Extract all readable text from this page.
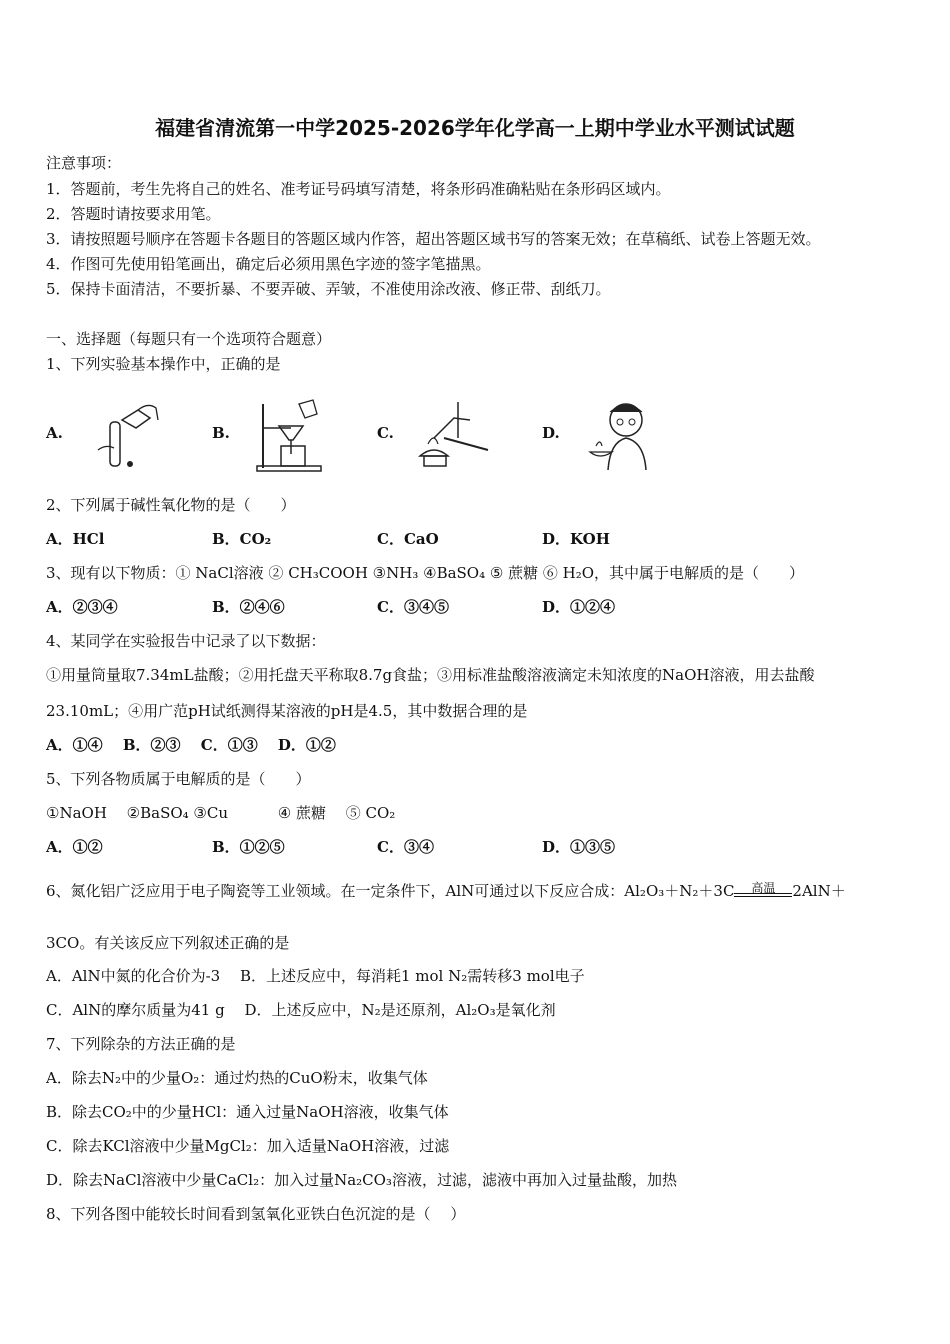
福建省清流第一中学2025-2026学年化学高一上期中学业水平测试试题
注意事项：
1．答题前，考生先将自己的姓名、准考证号码填写清楚，将条形码准确粘贴在条形码区域内。
2．答题时请按要求用笔。
3．请按照题号顺序在答题卡各题目的答题区域内作答，超出答题区域书写的答案无效；在草稿纸、试卷上答题无效。
4．作图可先使用铅笔画出，确定后必须用黑色字迹的签字笔描黑。
5．保持卡面清洁，不要折暴、不要弄破、弄皱，不准使用涂改液、修正带、刮纸刀。
一、选择题（每题只有一个选项符合题意）
1、下列实验基本操作中，正确的是
A.	B.	C.	D.
2、下列属于碱性氧化物的是（　　）
A．HCl	B．CO₂	C．CaO	D．KOH
3、现有以下物质：① NaCl溶液 ② CH₃COOH ③NH₃ ④BaSO₄ ⑤ 蔗糖 ⑥ H₂O，其中属于电解质的是（　　）
A．②③④	B．②④⑥	C．③④⑤	D．①②④
4、某同学在实验报告中记录了以下数据：
①用量筒量取7.34mL盐酸；②用托盘天平称取8.7g食盐；③用标准盐酸溶液滴定未知浓度的NaOH溶液，用去盐酸
23.10mL；④用广范pH试纸测得某溶液的pH是4.5，其中数据合理的是
A．①④　 B．②③　 C．①③　 D．①②
5、下列各物质属于电解质的是（　　）
①NaOH　 ②BaSO₄ ③Cu　　　 ④ 蔗糖　 ⑤ CO₂
A．①②	B．①②⑤	C．③④	D．①③⑤
6、氮化铝广泛应用于电子陶瓷等工业领域。在一定条件下，AlN可通过以下反应合成：Al₂O₃＋N₂＋3C	高温	2AlN＋
3CO。有关该反应下列叙述正确的是
A．AlN中氮的化合价为-3　 B．上述反应中，每消耗1 mol N₂需转移3 mol电子
C．AlN的摩尔质量为41 g　 D．上述反应中，N₂是还原剂，Al₂O₃是氧化剂
7、下列除杂的方法正确的是
A．除去N₂中的少量O₂：通过灼热的CuO粉末，收集气体
B．除去CO₂中的少量HCl：通入过量NaOH溶液，收集气体
C．除去KCl溶液中少量MgCl₂：加入适量NaOH溶液，过滤
D．除去NaCl溶液中少量CaCl₂：加入过量Na₂CO₃溶液，过滤，滤液中再加入过量盐酸，加热
8、下列各图中能较长时间看到氢氧化亚铁白色沉淀的是（　 ）
